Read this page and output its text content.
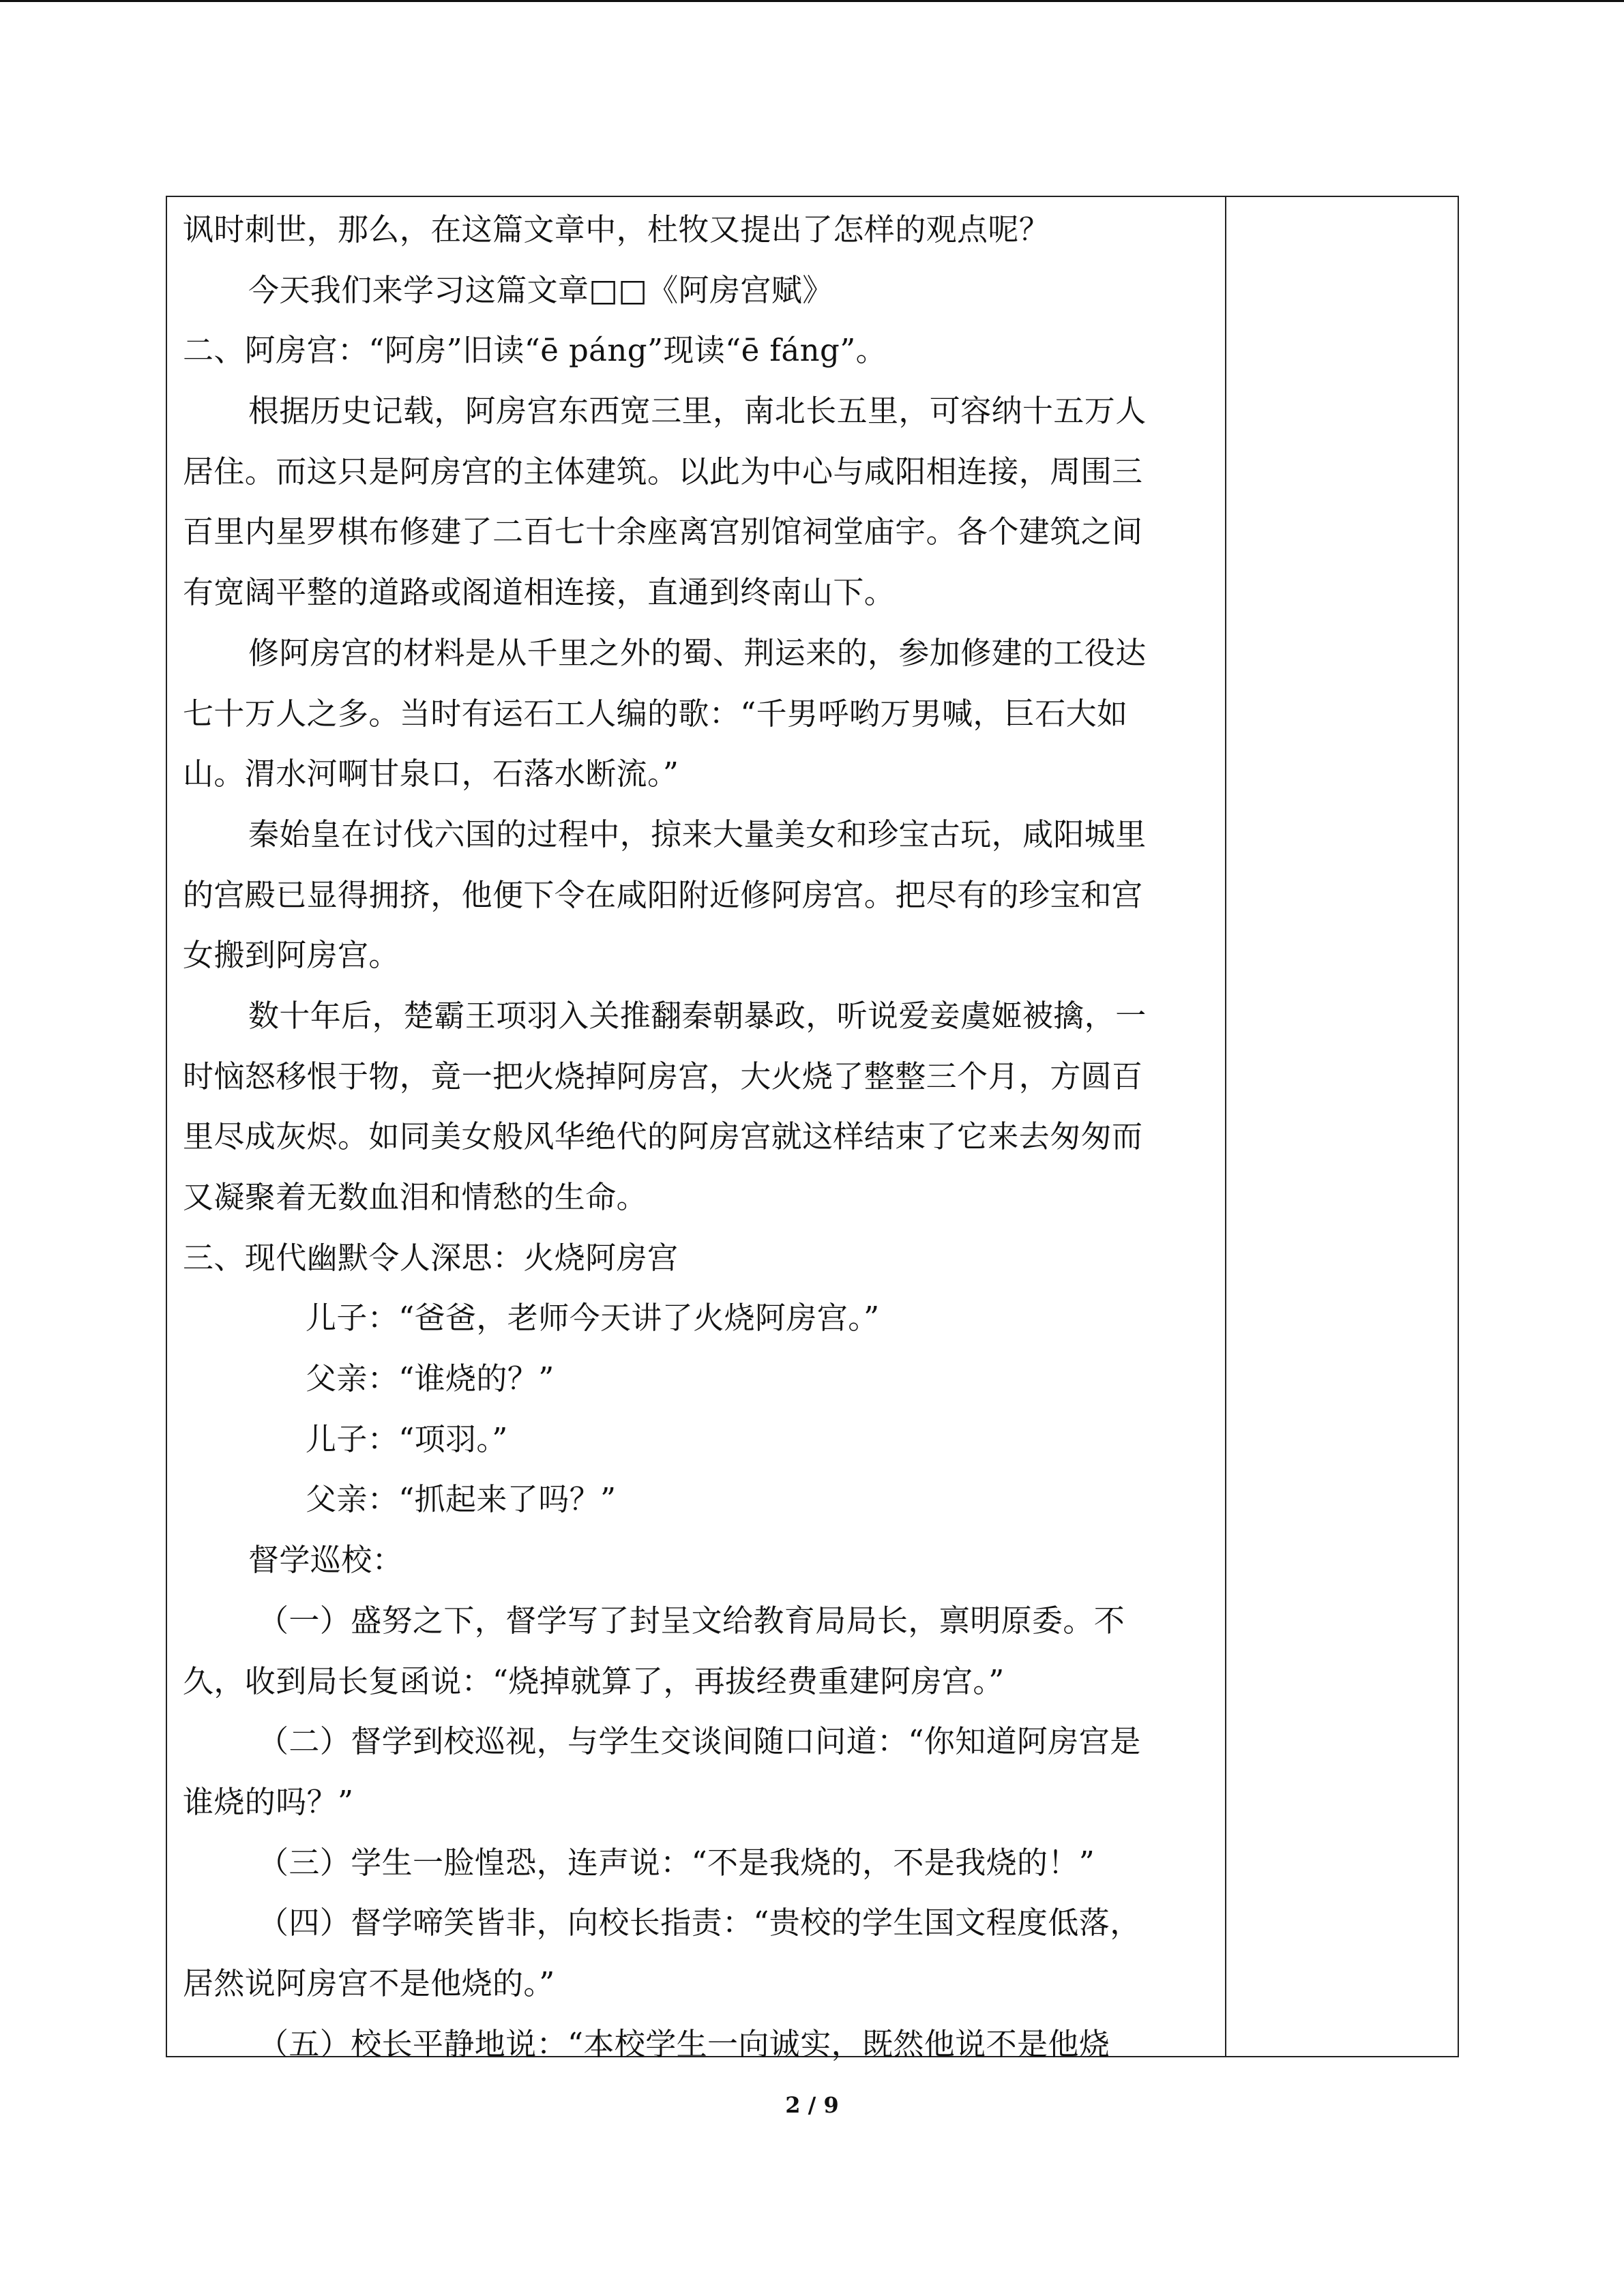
讽时刺世，那么，在这篇文章中，杜牧又提出了怎样的观点呢？
今天我们来学习这篇文章□□《阿房宫赋》
二、阿房宫：“阿房”旧读“ē páng”现读“ē fáng”。
根据历史记载，阿房宫东西宽三里，南北长五里，可容纳十五万人
居住。而这只是阿房宫的主体建筑。以此为中心与咸阳相连接，周围三
百里内星罗棋布修建了二百七十余座离宫别馆祠堂庙宇。各个建筑之间
有宽阔平整的道路或阁道相连接，直通到终南山下。
修阿房宫的材料是从千里之外的蜀、荆运来的，参加修建的工役达
七十万人之多。当时有运石工人编的歌：“千男呼哟万男喊，巨石大如
山。渭水河啊甘泉口，石落水断流。”
秦始皇在讨伐六国的过程中，掠来大量美女和珍宝古玩，咸阳城里
的宫殿已显得拥挤，他便下令在咸阳附近修阿房宫。把尽有的珍宝和宫
女搬到阿房宫。
数十年后，楚霸王项羽入关推翻秦朝暴政，听说爱妾虞姬被擒，一
时恼怒移恨于物，竟一把火烧掉阿房宫，大火烧了整整三个月，方圆百
里尽成灰烬。如同美女般风华绝代的阿房宫就这样结束了它来去匆匆而
又凝聚着无数血泪和情愁的生命。
三、现代幽默令人深思：火烧阿房宫
儿子：“爸爸，老师今天讲了火烧阿房宫。”
父亲：“谁烧的？”
儿子：“项羽。”
父亲：“抓起来了吗？”
督学巡校：
（一）盛努之下，督学写了封呈文给教育局局长，禀明原委。不
久，收到局长复函说：“烧掉就算了，再拔经费重建阿房宫。”
（二）督学到校巡视，与学生交谈间随口问道：“你知道阿房宫是
谁烧的吗？”
（三）学生一脸惶恐，连声说：“不是我烧的，不是我烧的！”
（四）督学啼笑皆非，向校长指责：“贵校的学生国文程度低落，
居然说阿房宫不是他烧的。”
（五）校长平静地说：“本校学生一向诚实，既然他说不是他烧
2 / 9
